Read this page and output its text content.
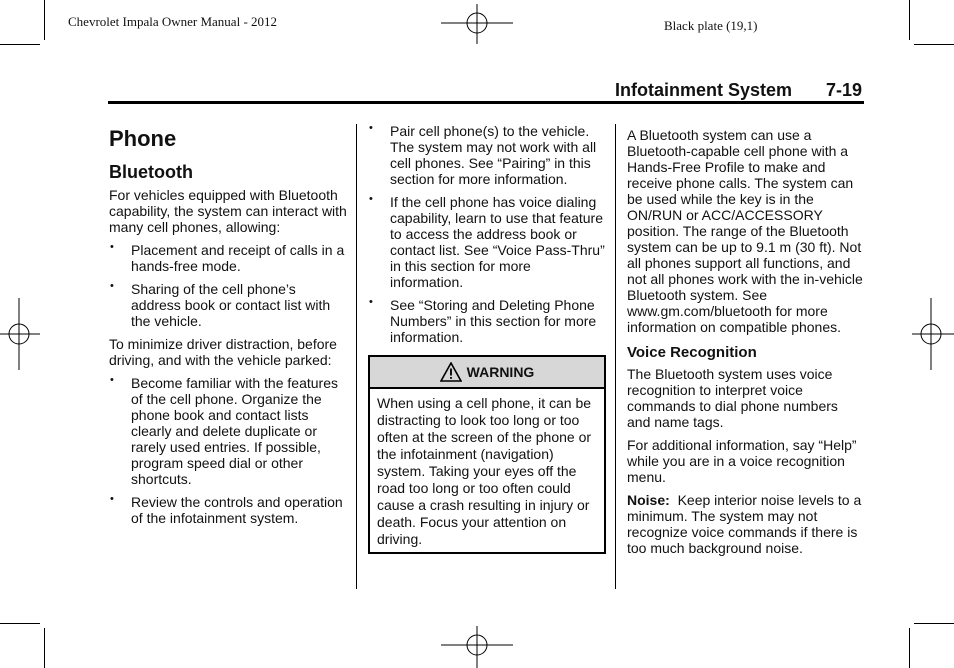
Chevrolet Impala Owner Manual - 2012	Black plate (19,1)
Infotainment System 7-19
Phone
Bluetooth

For vehicles equipped with Bluetooth capability, the system can interact with many cell phones, allowing:

• Placement and receipt of calls in a hands-free mode.
• Sharing of the cell phone’s address book or contact list with the vehicle.

To minimize driver distraction, before driving, and with the vehicle parked:

• Become familiar with the features of the cell phone. Organize the phone book and contact lists clearly and delete duplicate or rarely used entries. If possible, program speed dial or other shortcuts.
• Review the controls and operation of the infotainment system.
• Pair cell phone(s) to the vehicle. The system may not work with all cell phones. See “Pairing” in this section for more information.
• If the cell phone has voice dialing capability, learn to use that feature to access the address book or contact list. See “Voice Pass-Thru” in this section for more information.
• See “Storing and Deleting Phone Numbers” in this section for more information.
WARNING
When using a cell phone, it can be distracting to look too long or too often at the screen of the phone or the infotainment (navigation) system. Taking your eyes off the road too long or too often could cause a crash resulting in injury or death. Focus your attention on driving.

A Bluetooth system can use a Bluetooth-capable cell phone with a Hands-Free Profile to make and receive phone calls. The system can be used while the key is in the ON/RUN or ACC/ACCESSORY position. The range of the Bluetooth system can be up to 9.1 m (30 ft). Not all phones support all functions, and not all phones work with the in-vehicle Bluetooth system. See www.gm.com/bluetooth for more information on compatible phones.

Voice Recognition

The Bluetooth system uses voice recognition to interpret voice commands to dial phone numbers and name tags.

For additional information, say “Help” while you are in a voice recognition menu.

Noise: Keep interior noise levels to a minimum. The system may not recognize voice commands if there is too much background noise.
